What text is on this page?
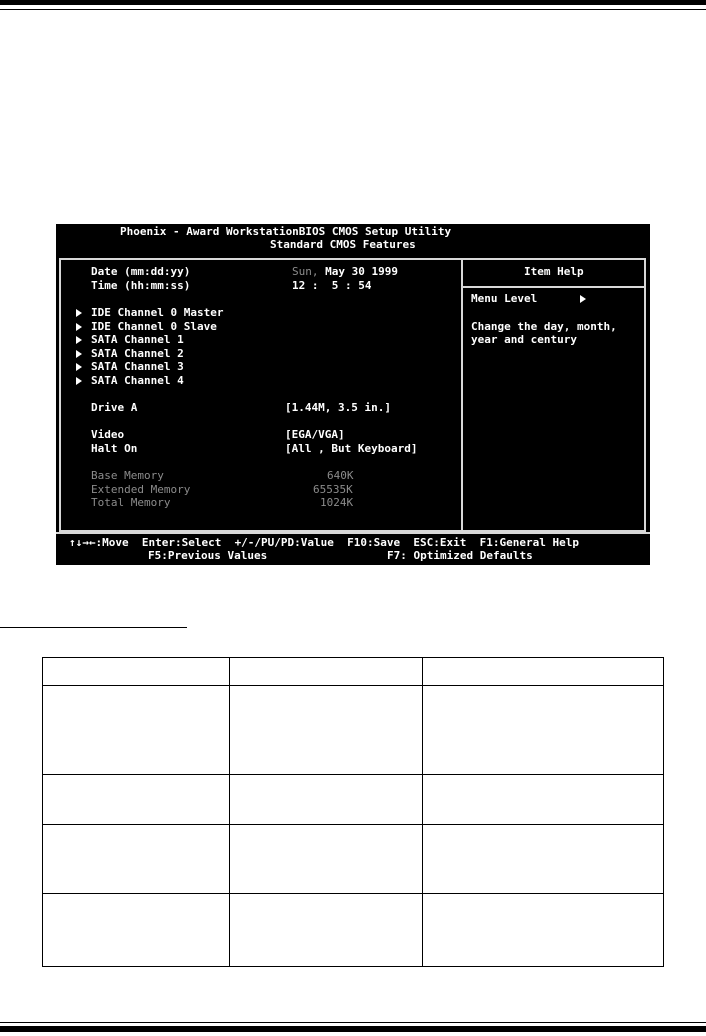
Phoenix - Award WorkstationBIOS CMOS Setup Utility
Standard CMOS Features
Date (mm:dd:yy)	Sun, May 30 1999
Time (hh:mm:ss)	12 :  5 : 54
IDE Channel 0 Master
IDE Channel 0 Slave
SATA Channel 1
SATA Channel 2
SATA Channel 3
SATA Channel 4
Drive A	[1.44M, 3.5 in.]
Video	[EGA/VGA]
Halt On	[All , But Keyboard]
Base Memory	640K
Extended Memory	65535K
Total Memory	1024K
Item Help
Menu Level
Change the day, month,
year and century
↑↓→←:Move  Enter:Select  +/-/PU/PD:Value  F10:Save  ESC:Exit  F1:General Help
F5:Previous Values	F7: Optimized Defaults
